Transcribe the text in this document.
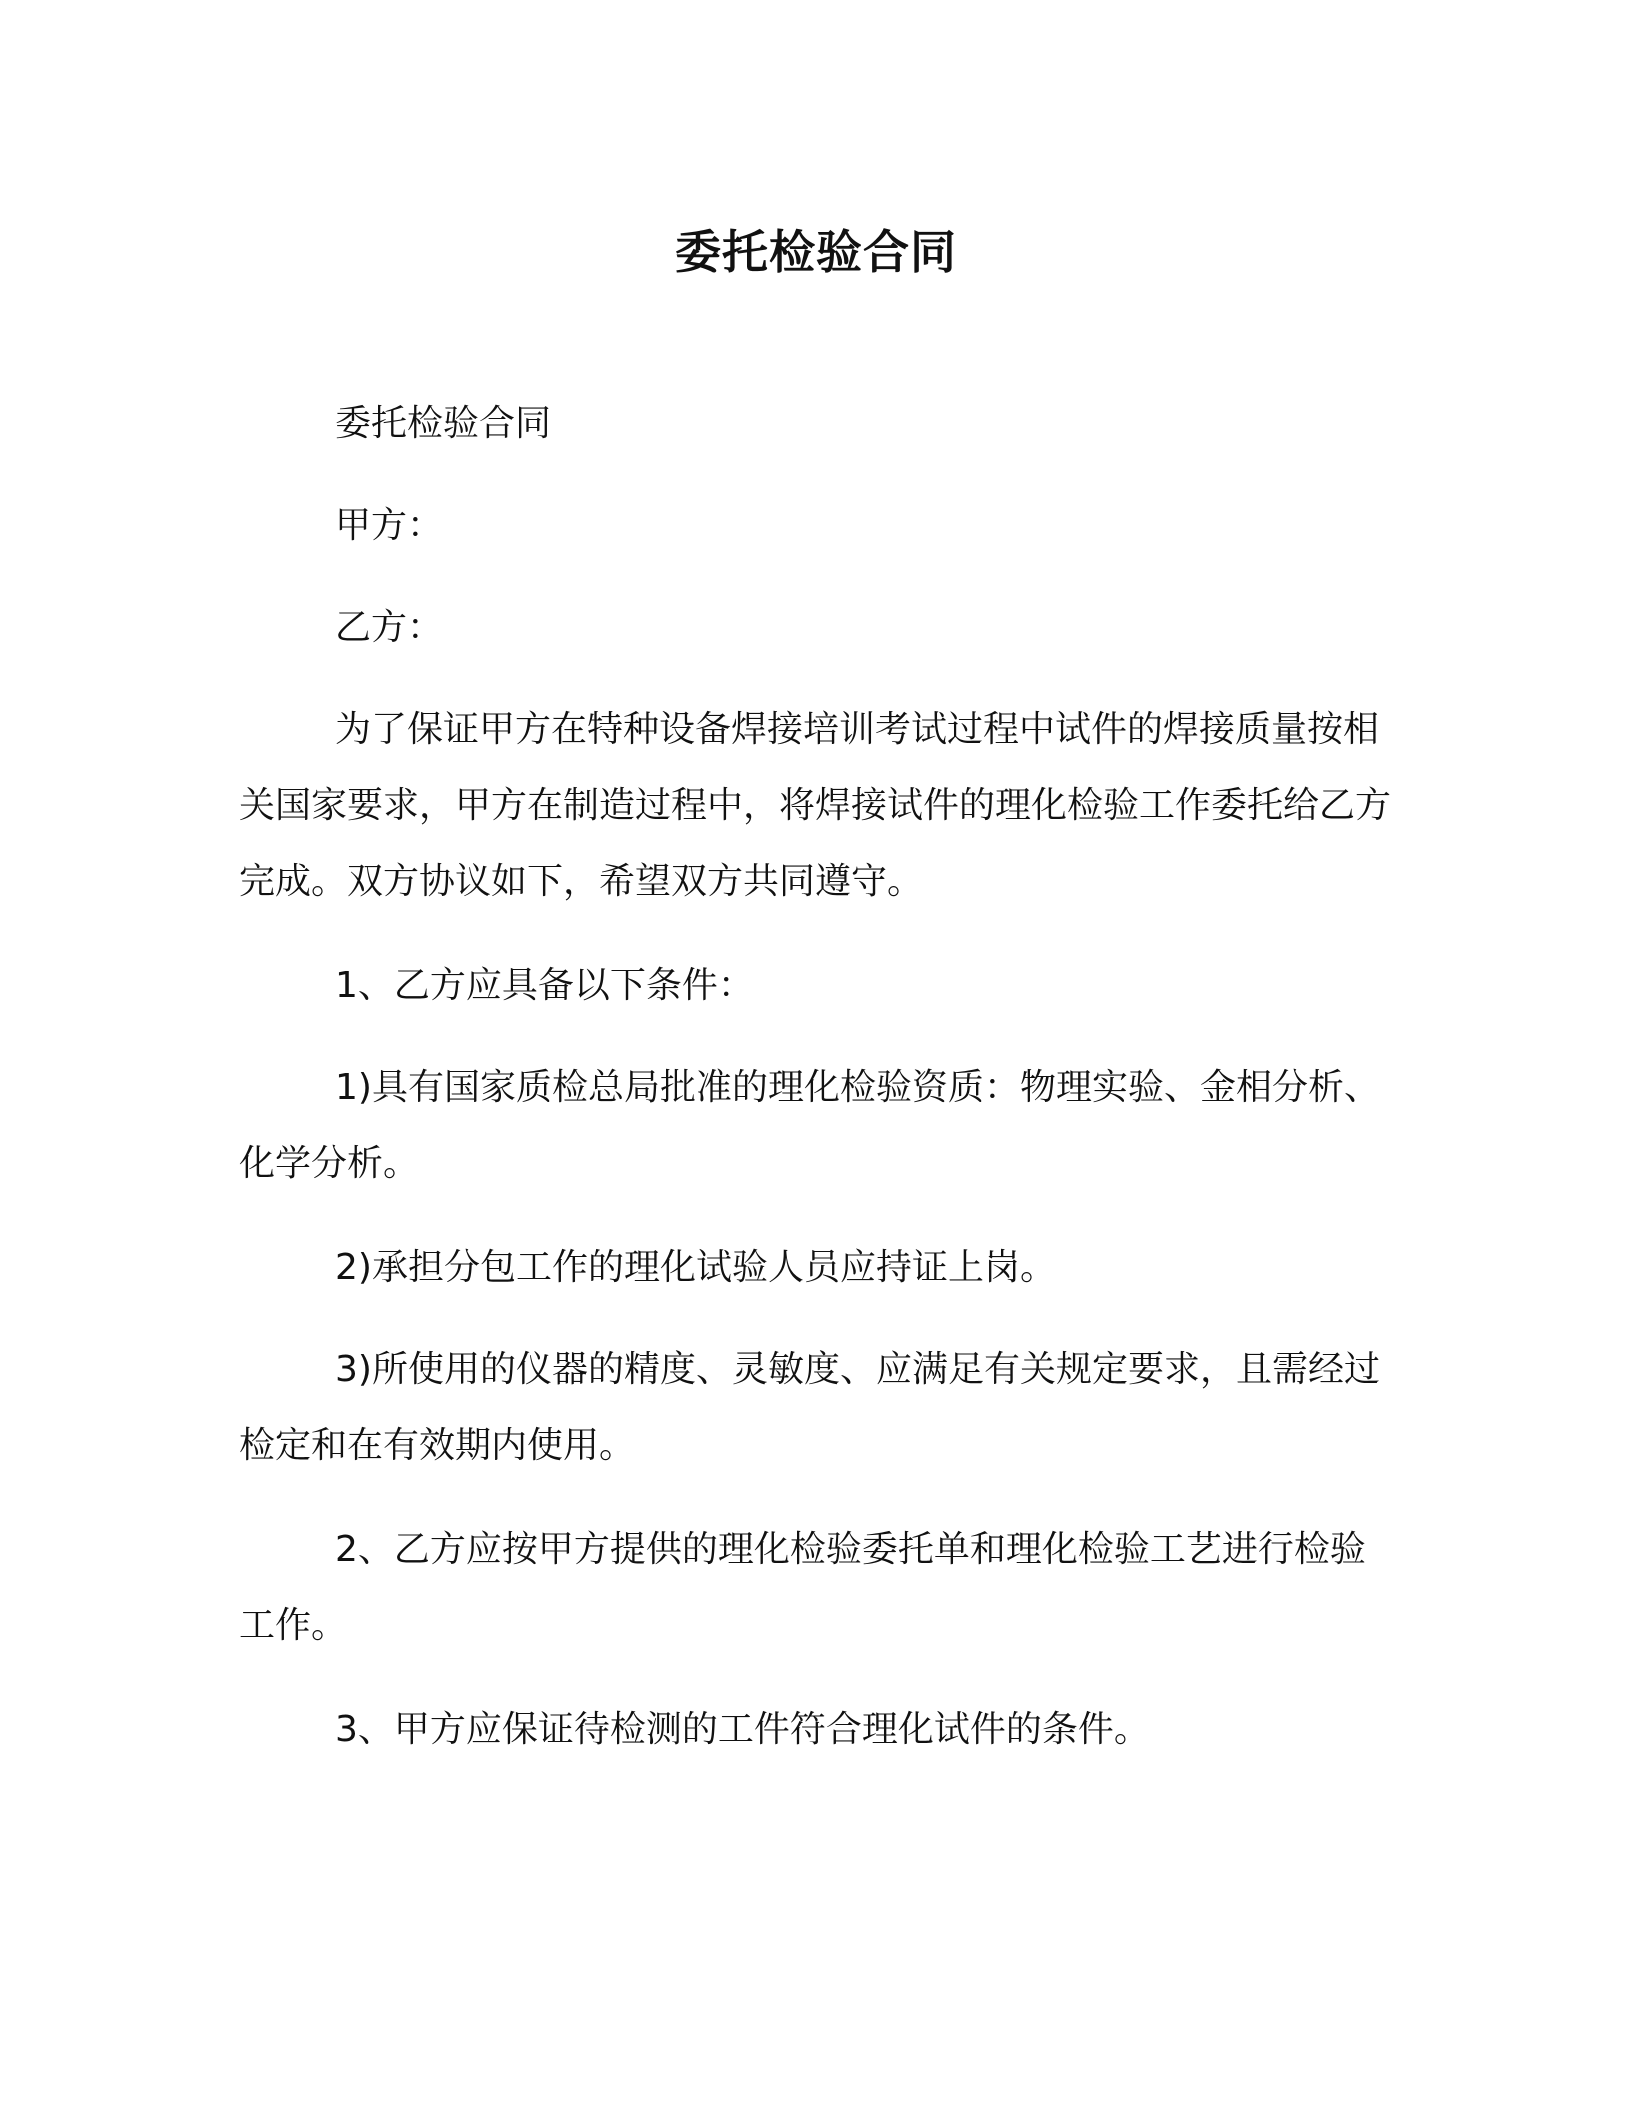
委托检验合同

委托检验合同

甲方：

乙方：

为了保证甲方在特种设备焊接培训考试过程中试件的焊接质量按相关国家要求，甲方在制造过程中，将焊接试件的理化检验工作委托给乙方完成。双方协议如下，希望双方共同遵守。

1、乙方应具备以下条件：

1)具有国家质检总局批准的理化检验资质：物理实验、金相分析、化学分析。

2)承担分包工作的理化试验人员应持证上岗。

3)所使用的仪器的精度、灵敏度、应满足有关规定要求，且需经过检定和在有效期内使用。

2、乙方应按甲方提供的理化检验委托单和理化检验工艺进行检验工作。

3、甲方应保证待检测的工件符合理化试件的条件。
